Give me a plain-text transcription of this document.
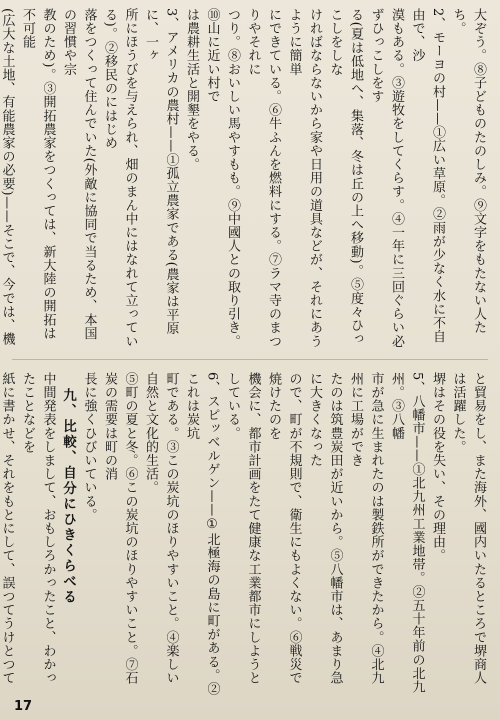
大ぞう。⑧子どものたのしみ。⑨文字をもたない人たち。
2、モーヨの村——①広い草原。②雨が少なく水に不自由で、沙
漠もある。③遊牧をしてくらす。④一年に三回ぐらい必ずひっこしをす
る(夏は低地へ、集落、冬は丘の上へ移動)。⑤度々ひっこしをしな
ければならないから家や日用の道具などが、それにあうように簡単
にできている。⑥牛ふんを燃料にする。⑦ラマ寺のまつりやそれに
つり。⑧おいしい馬やすもも。⑨中國人との取り引き。⑩山に近い村で
は農耕生活と開墾をやる。
3、アメリカの農村——①孤立農家である(農家は平原に、一ヶ
所にほうびを与えられ、畑のまん中にはなれて立っている)。②移民のにはじめ
落をつくって住んでいた(外敵に協同で当るため、本国の習慣や宗
教のため)。③開拓農家をつくっては、新大陸の開拓は不可能
(広大な土地、有能農家の必要)——そこで、今では、機
と貿易をし、また海外、國内いたるところで堺商人は活躍した。
堺はその役を失い、その理由。
5、八幡市——①北九州工業地帯。②五十年前の北九州。③八幡
市が急に生まれたのは製鉄所ができたから。④北九州に工場ができ
たのは筑豊炭田が近いから。⑤八幡市は、あまり急に大きくなった
ので、町が不規則で、衛生にもよくない。⑥戦災で焼けたのを
機会に、都市計画をたて健康な工業都市にしようとしている。
6、スピッベルゲン——①北極海の島に町がある。②これは炭坑
町である。③この炭坑のほりやすいこと。④楽しい自然と文化的生活。
⑤町の夏と冬。⑥この炭坑のほりやすいこと。⑦石炭の需要は町の消
長に強くひびいている。
九、比較、自分にひきくらべる
中間発表をしまして、おもしろかったこと、わかったことなどを
紙に書かせ、それをもとにして、誤つてうけとつて
17
